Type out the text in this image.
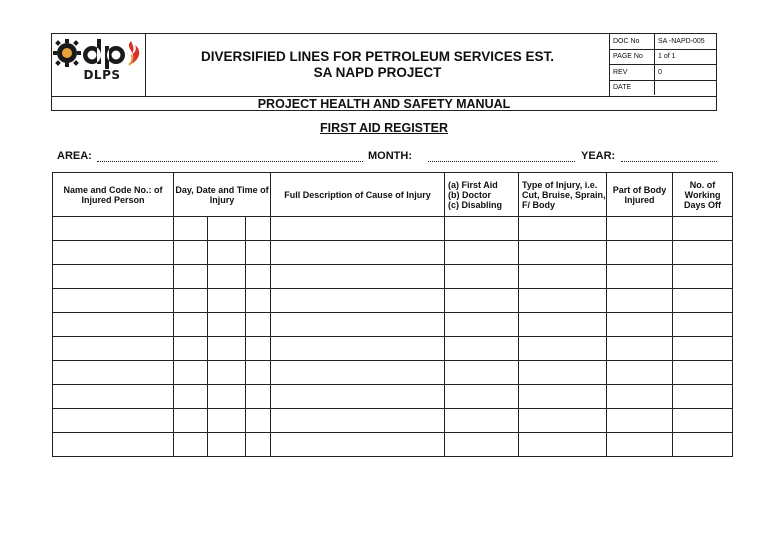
DLPS
DIVERSIFIED LINES FOR PETROLEUM SERVICES EST.
SA NAPD PROJECT
DOC No	SA -NAPD-005
PAGE No	1 of 1
REV	0
DATE	
PROJECT HEALTH AND SAFETY MANUAL
FIRST AID REGISTER
AREA:	MONTH:	YEAR:
Name and Code No.: of Injured Person	Day, Date and Time of Injury			Full Description of Cause of Injury	(a) First Aid
(b) Doctor
(c) Disabling	Type of Injury, i.e. Cut, Bruise, Sprain, F/ Body	Part of Body Injured	No. of Working Days Off
